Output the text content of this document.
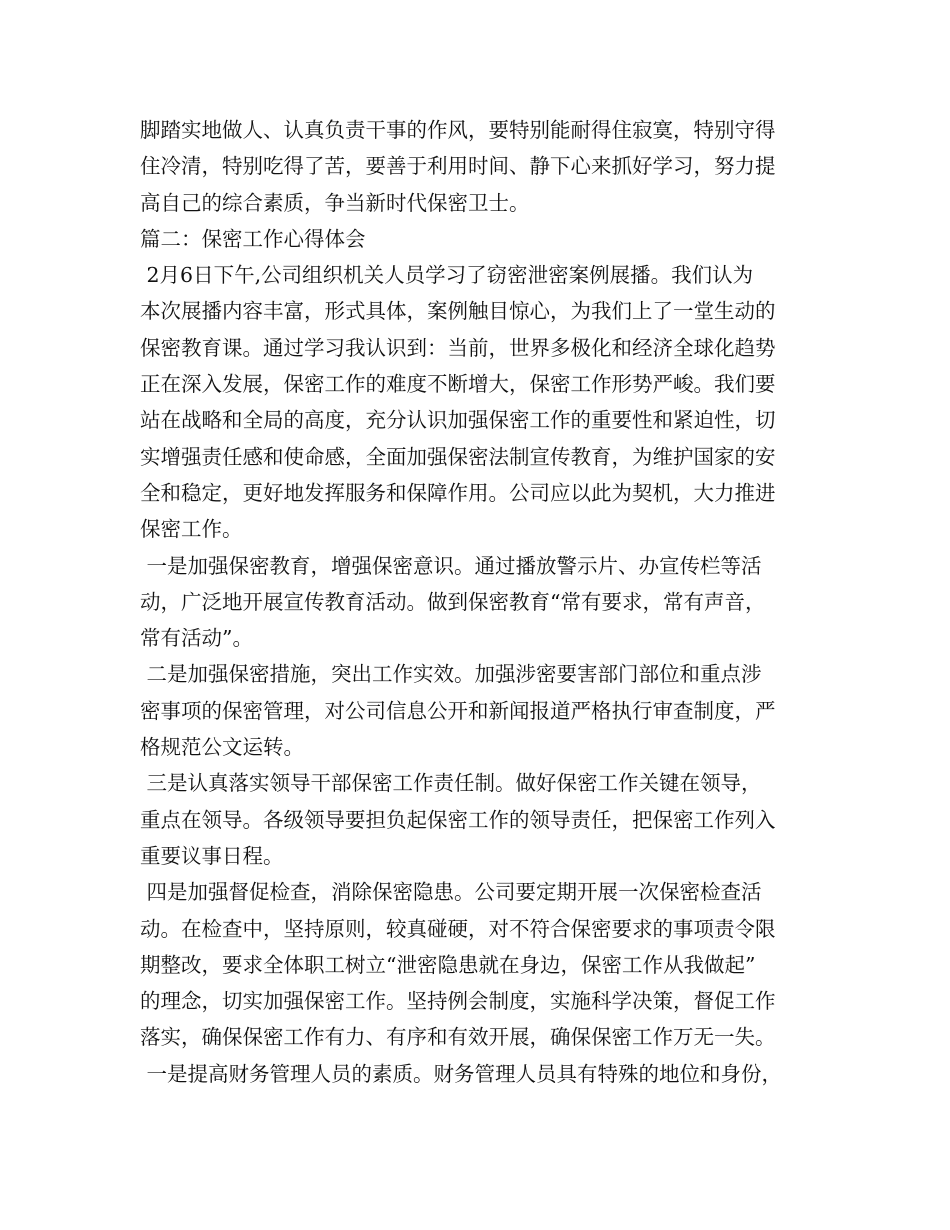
脚踏实地做人、认真负责干事的作风，要特别能耐得住寂寞，特别守得
住冷清，特别吃得了苦，要善于利用时间、静下心来抓好学习，努力提
高自己的综合素质，争当新时代保密卫士。
篇二：保密工作心得体会
2月6日下午,公司组织机关人员学习了窃密泄密案例展播。我们认为
本次展播内容丰富，形式具体，案例触目惊心，为我们上了一堂生动的
保密教育课。通过学习我认识到：当前，世界多极化和经济全球化趋势
正在深入发展，保密工作的难度不断增大，保密工作形势严峻。我们要
站在战略和全局的高度，充分认识加强保密工作的重要性和紧迫性，切
实增强责任感和使命感，全面加强保密法制宣传教育，为维护国家的安
全和稳定，更好地发挥服务和保障作用。公司应以此为契机，大力推进
保密工作。
一是加强保密教育，增强保密意识。通过播放警示片、办宣传栏等活
动，广泛地开展宣传教育活动。做到保密教育“常有要求，常有声音，
常有活动”。
二是加强保密措施，突出工作实效。加强涉密要害部门部位和重点涉
密事项的保密管理，对公司信息公开和新闻报道严格执行审查制度，严
格规范公文运转。
三是认真落实领导干部保密工作责任制。做好保密工作关键在领导，
重点在领导。各级领导要担负起保密工作的领导责任，把保密工作列入
重要议事日程。
四是加强督促检查，消除保密隐患。公司要定期开展一次保密检查活
动。在检查中，坚持原则，较真碰硬，对不符合保密要求的事项责令限
期整改，要求全体职工树立“泄密隐患就在身边，保密工作从我做起”
的理念，切实加强保密工作。坚持例会制度，实施科学决策，督促工作
落实，确保保密工作有力、有序和有效开展，确保保密工作万无一失。
一是提高财务管理人员的素质。财务管理人员具有特殊的地位和身份，
